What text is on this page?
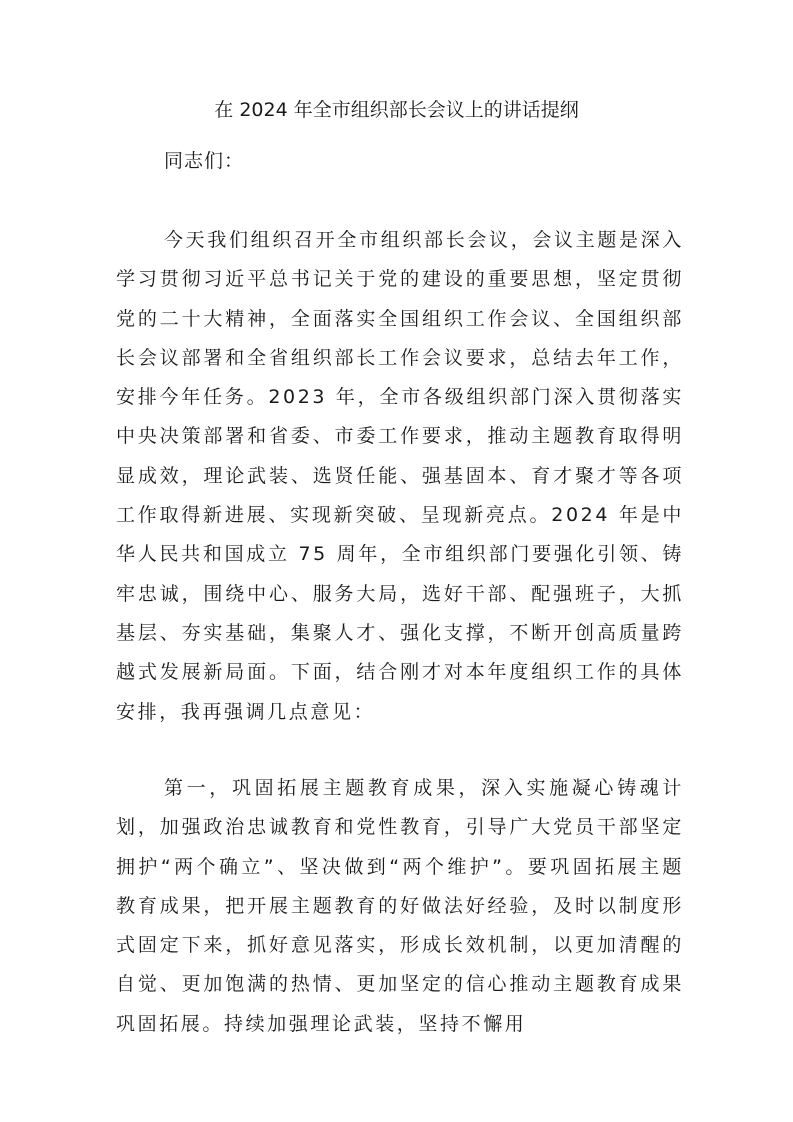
在 2024 年全市组织部长会议上的讲话提纲

同志们：

今天我们组织召开全市组织部长会议，会议主题是深入学习贯彻习近平总书记关于党的建设的重要思想，坚定贯彻党的二十大精神，全面落实全国组织工作会议、全国组织部长会议部署和全省组织部长工作会议要求，总结去年工作，安排今年任务。2023 年，全市各级组织部门深入贯彻落实中央决策部署和省委、市委工作要求，推动主题教育取得明显成效，理论武装、选贤任能、强基固本、育才聚才等各项工作取得新进展、实现新突破、呈现新亮点。2024 年是中华人民共和国成立 75 周年，全市组织部门要强化引领、铸牢忠诚，围绕中心、服务大局，选好干部、配强班子，大抓基层、夯实基础，集聚人才、强化支撑，不断开创高质量跨越式发展新局面。下面，结合刚才对本年度组织工作的具体安排，我再强调几点意见：

第一，巩固拓展主题教育成果，深入实施凝心铸魂计划，加强政治忠诚教育和党性教育，引导广大党员干部坚定拥护“两个确立”、坚决做到“两个维护”。要巩固拓展主题教育成果，把开展主题教育的好做法好经验，及时以制度形式固定下来，抓好意见落实，形成长效机制，以更加清醒的自觉、更加饱满的热情、更加坚定的信心推动主题教育成果巩固拓展。持续加强理论武装，坚持不懈用
